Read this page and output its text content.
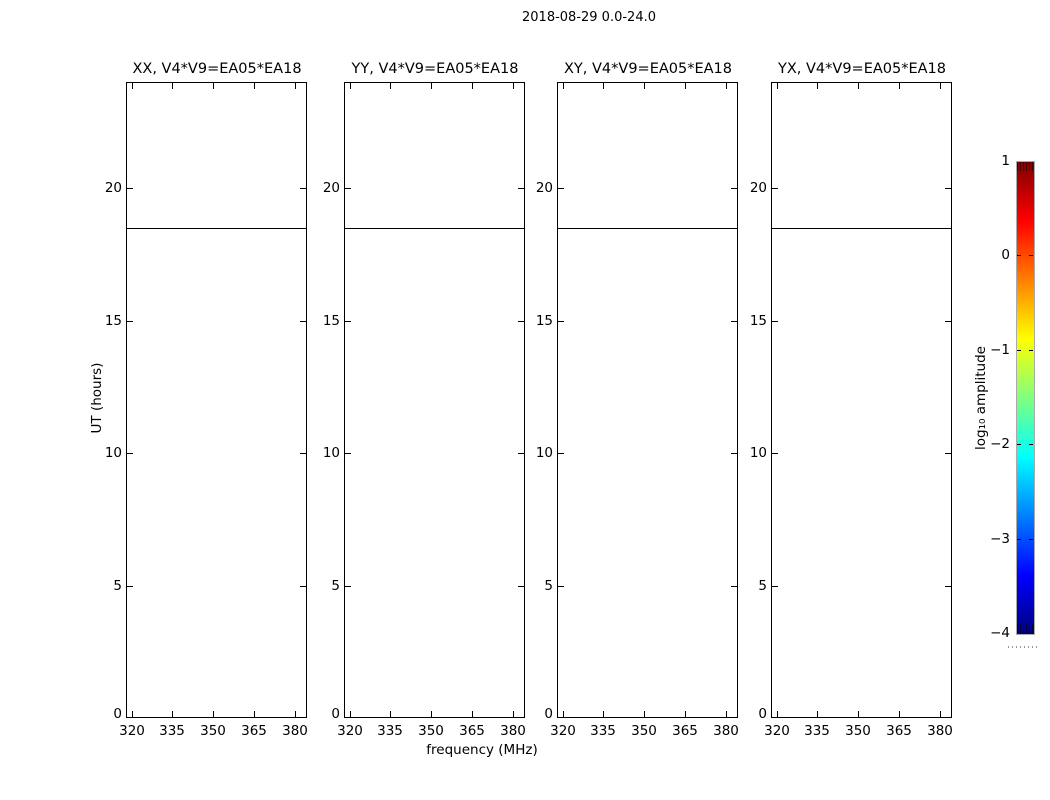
2018-08-29 0.0-24.0
UT (hours)
frequency (MHz)
log₁₀ amplitude
XX, V4*V9=EA05*EA18
320 335 350 365 380
0
5
10
15
20
YY, V4*V9=EA05*EA18
320 335 350 365 380
0
5
10
15
20
XY, V4*V9=EA05*EA18
320 335 350 365 380
0
5
10
15
20
YX, V4*V9=EA05*EA18
320 335 350 365 380
0
5
10
15
20
1
0
−1
−2
−3
−4
